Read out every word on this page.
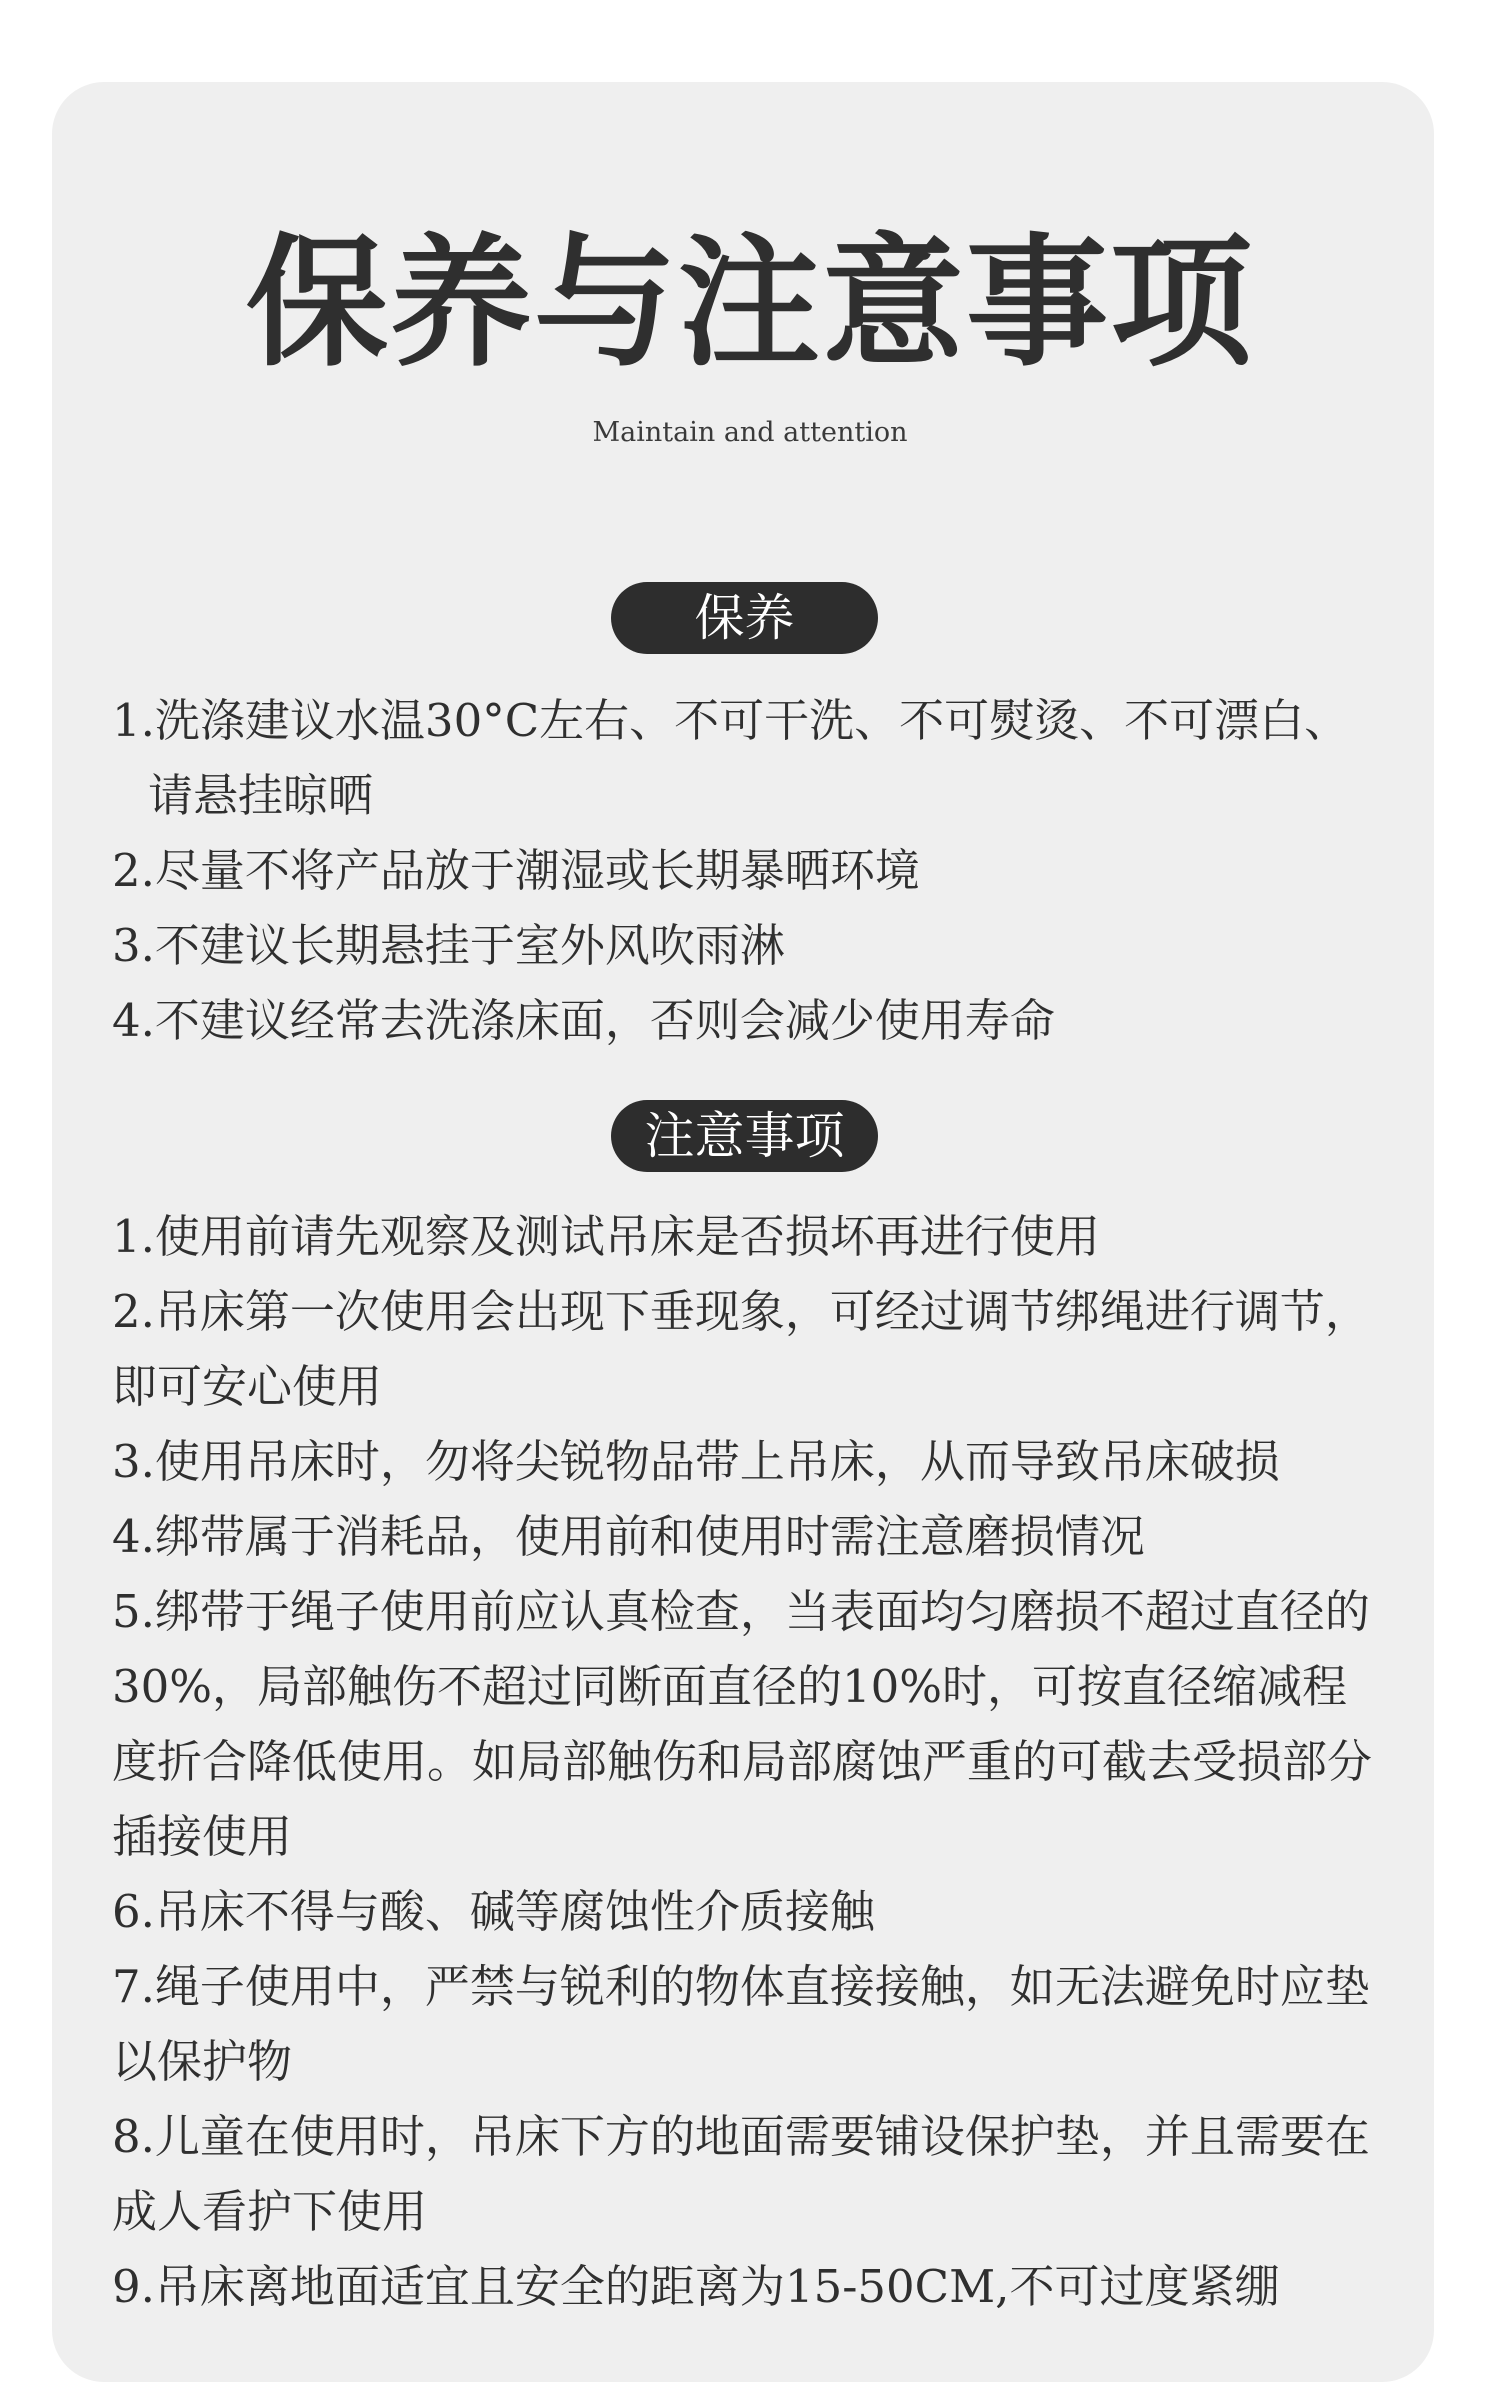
保养与注意事项
Maintain and attention
保养
1.洗涤建议水温30°C左右、不可干洗、不可熨烫、不可漂白、请悬挂晾晒
2.尽量不将产品放于潮湿或长期暴晒环境
3.不建议长期悬挂于室外风吹雨淋
4.不建议经常去洗涤床面，否则会减少使用寿命
注意事项
1.使用前请先观察及测试吊床是否损坏再进行使用
2.吊床第一次使用会出现下垂现象，可经过调节绑绳进行调节，即可安心使用
3.使用吊床时，勿将尖锐物品带上吊床，从而导致吊床破损
4.绑带属于消耗品，使用前和使用时需注意磨损情况
5.绑带于绳子使用前应认真检查，当表面均匀磨损不超过直径的30%，局部触伤不超过同断面直径的10%时，可按直径缩减程度折合降低使用。如局部触伤和局部腐蚀严重的可截去受损部分插接使用
6.吊床不得与酸、碱等腐蚀性介质接触
7.绳子使用中，严禁与锐利的物体直接接触，如无法避免时应垫以保护物
8.儿童在使用时，吊床下方的地面需要铺设保护垫，并且需要在成人看护下使用
9.吊床离地面适宜且安全的距离为15-50CM,不可过度紧绷
